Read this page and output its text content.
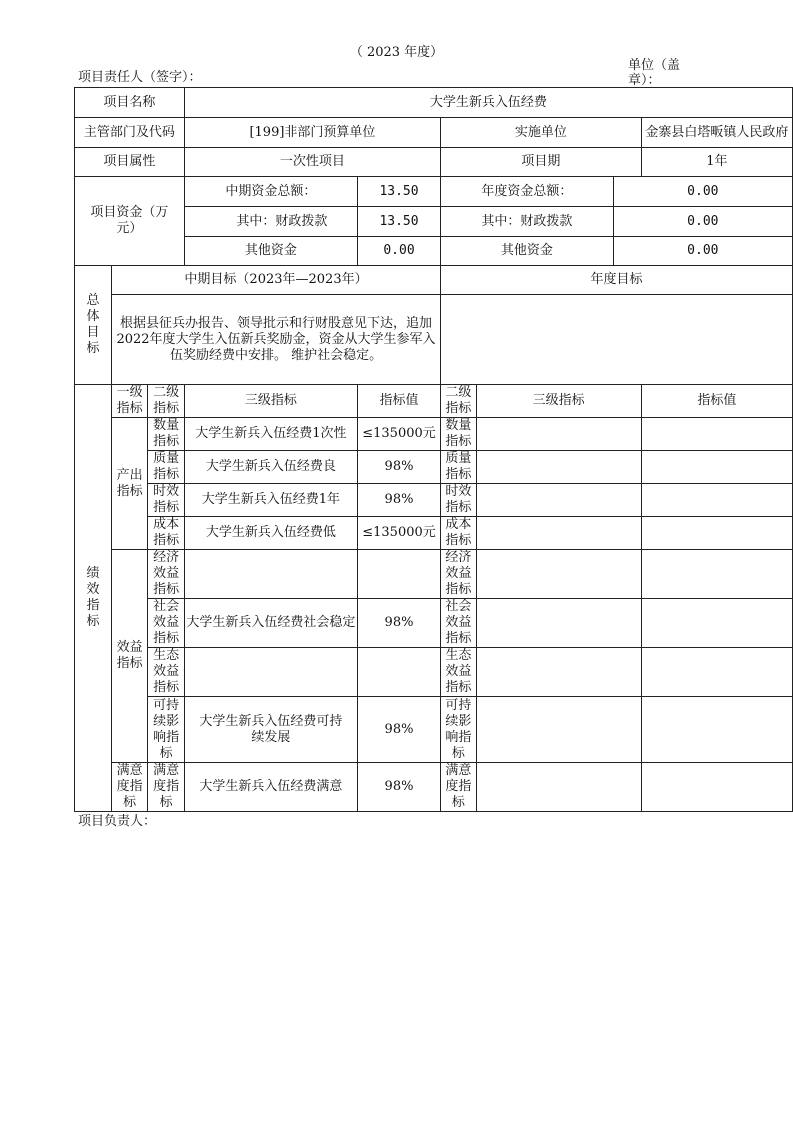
（ 2023 年度）
项目责任人（签字）：
单位（盖章）：
项目名称			大学生新兵入伍经费					
主管部门及代码			[199]非部门预算单位		实施单位			金寨县白塔畈镇人民政府
项目属性			一次性项目		项目期			1年
项目资金（万元）			中期资金总额：	13.50	年度资金总额：		0.00	
			其中：财政拨款	13.50	其中：财政拨款		0.00	
			其他资金	0.00	其他资金		0.00	
总体目标	中期目标（2023年—2023年）				年度目标			
	根据县征兵办报告、领导批示和行财股意见下达，追加2022年度大学生入伍新兵奖励金，资金从大学生参军入伍奖励经费中安排。 维护社会稳定。							
绩效指标	一级指标	二级指标	三级指标	指标值	二级指标	三级指标		指标值
	产出指标	数量指标	大学生新兵入伍经费1次性	≤135000元	数量指标			
		质量指标	大学生新兵入伍经费良	98%	质量指标			
		时效指标	大学生新兵入伍经费1年	98%	时效指标			
		成本指标	大学生新兵入伍经费低	≤135000元	成本指标			
	效益指标	经济效益指标			经济效益指标			
		社会效益指标	大学生新兵入伍经费社会稳定	98%	社会效益指标			
		生态效益指标			生态效益指标			
		可持续影响指标	大学生新兵入伍经费可持续发展	98%	可持续影响指标			
	满意度指标	满意度指标	大学生新兵入伍经费满意	98%	满意度指标			
项目负责人：
